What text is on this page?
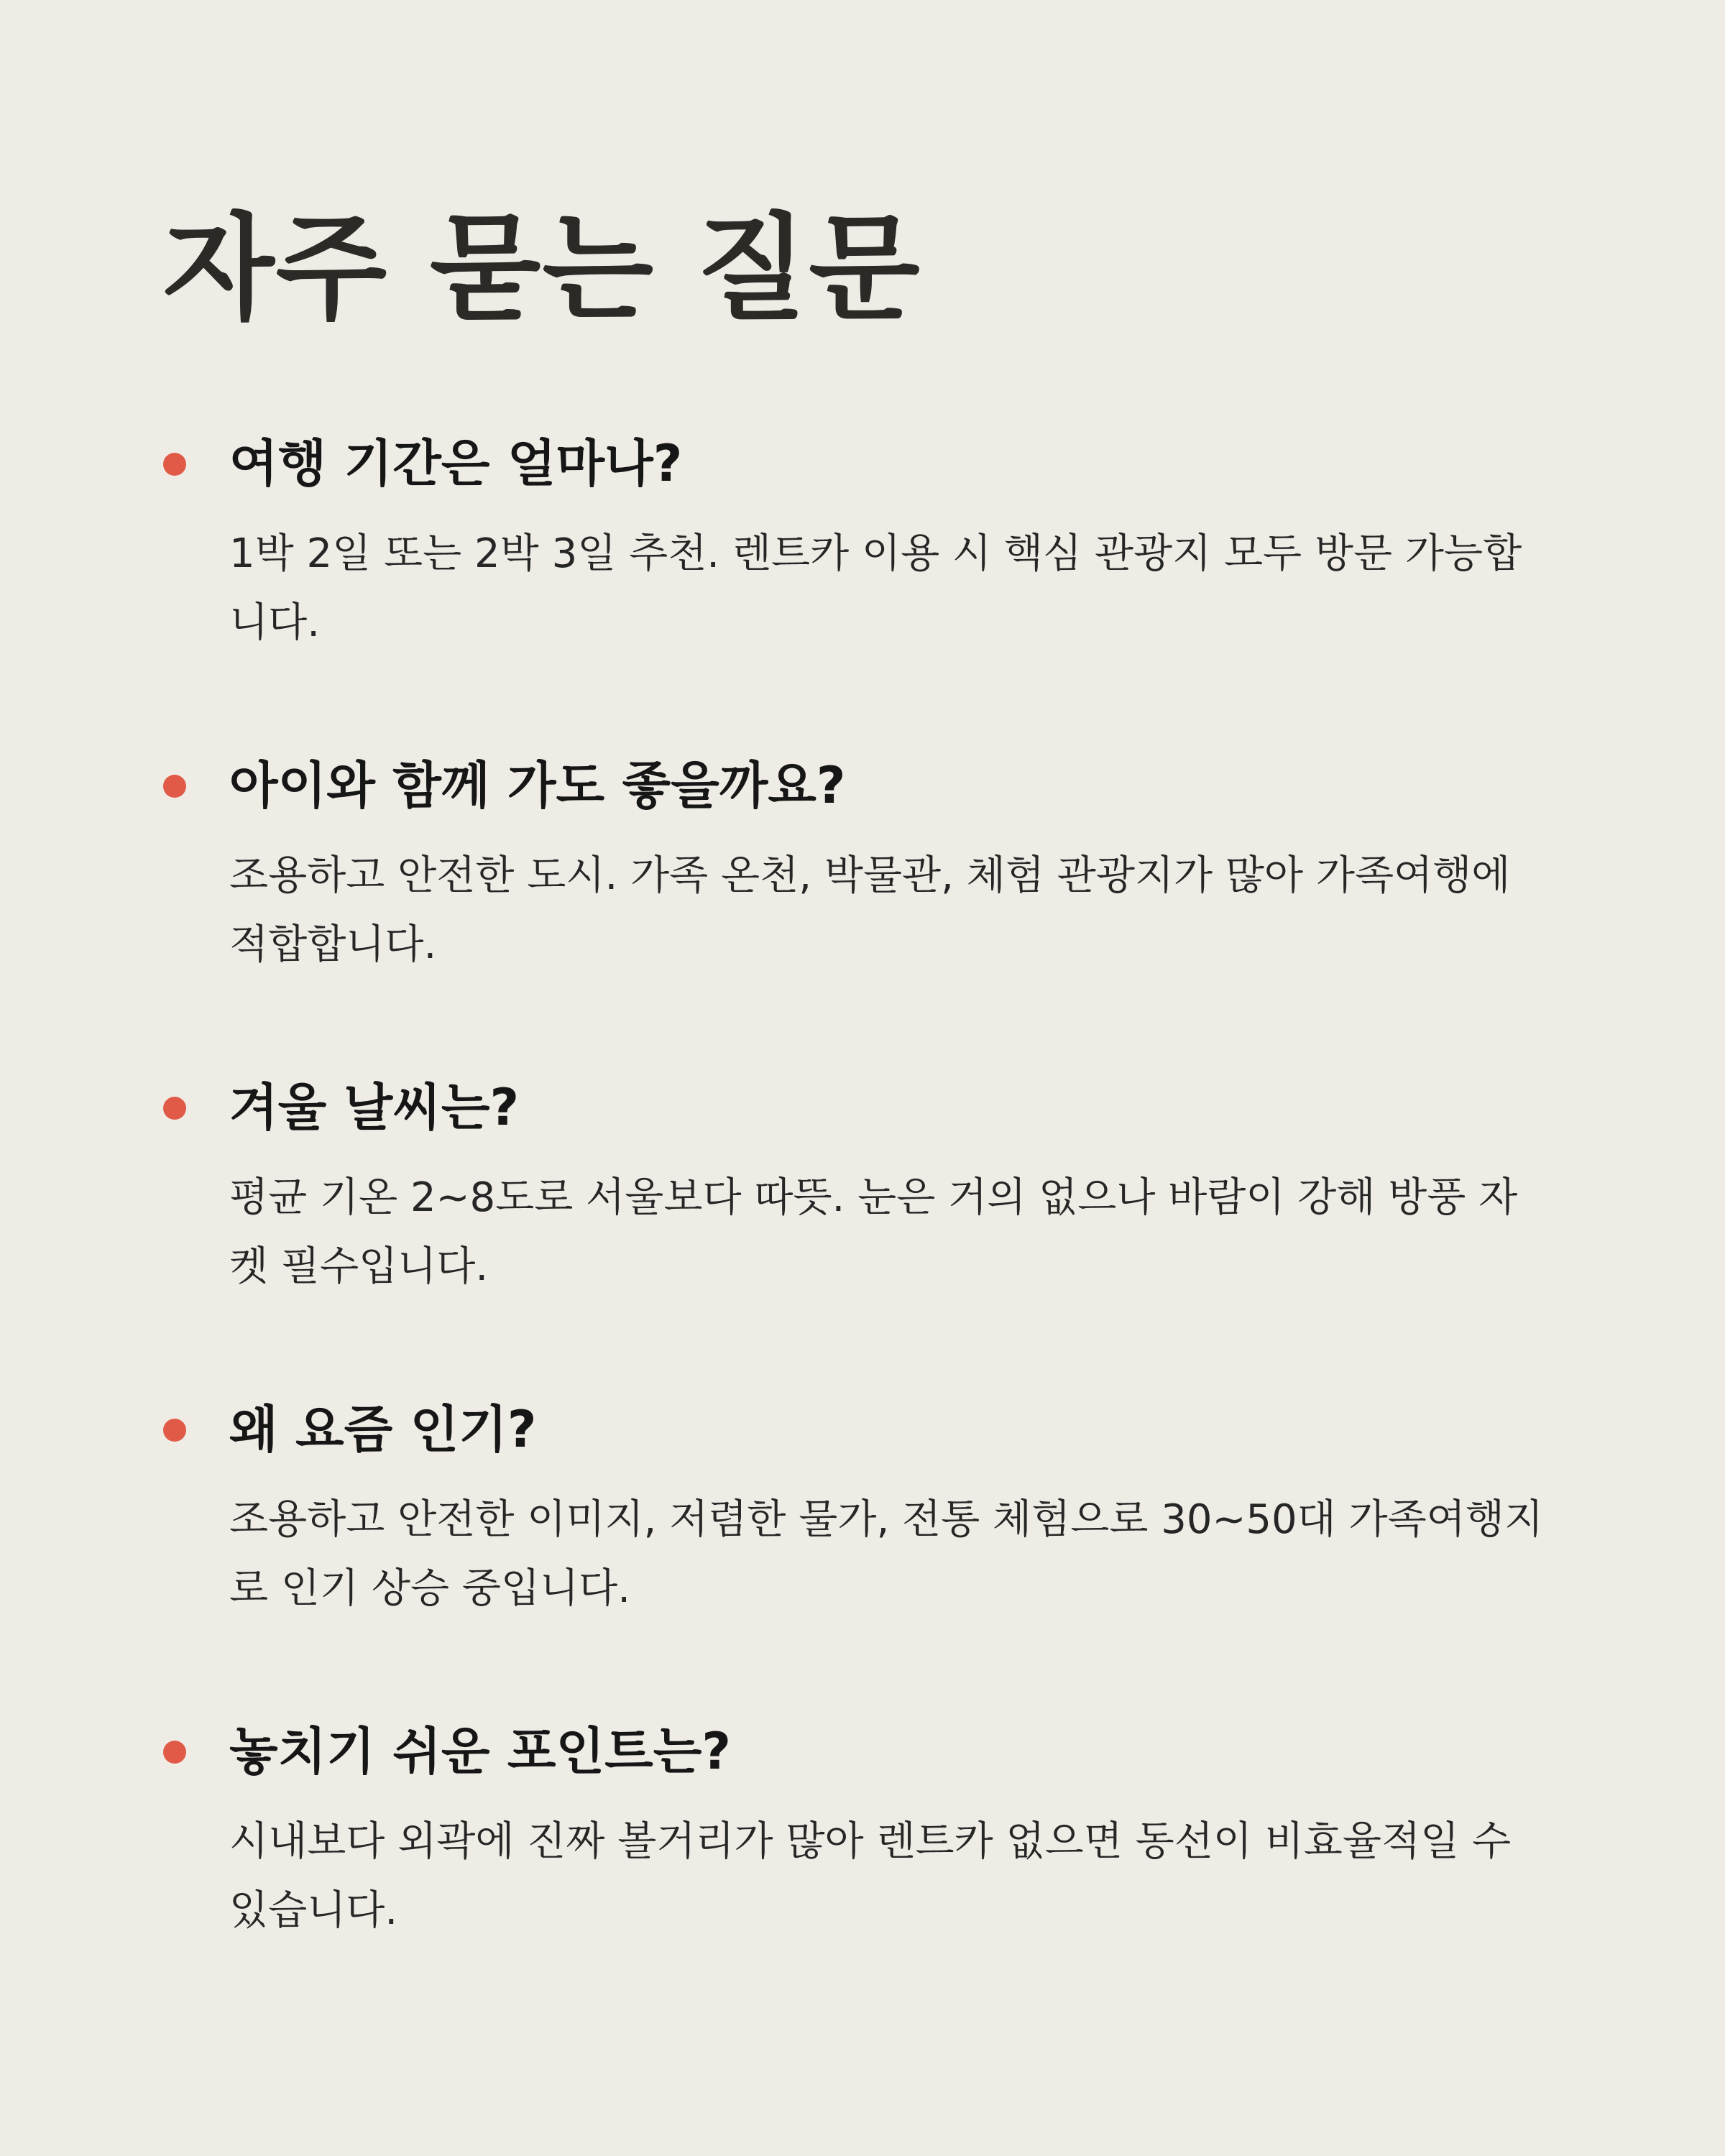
자주 묻는 질문
여행 기간은 얼마나?

1박 2일 또는 2박 3일 추천. 렌트카 이용 시 핵심 관광지 모두 방문 가능합니다.

아이와 함께 가도 좋을까요?

조용하고 안전한 도시. 가족 온천, 박물관, 체험 관광지가 많아 가족여행에 적합합니다.

겨울 날씨는?

평균 기온 2~8도로 서울보다 따뜻. 눈은 거의 없으나 바람이 강해 방풍 자켓 필수입니다.

왜 요즘 인기?

조용하고 안전한 이미지, 저렴한 물가, 전통 체험으로 30~50대 가족여행지로 인기 상승 중입니다.

놓치기 쉬운 포인트는?

시내보다 외곽에 진짜 볼거리가 많아 렌트카 없으면 동선이 비효율적일 수 있습니다.
